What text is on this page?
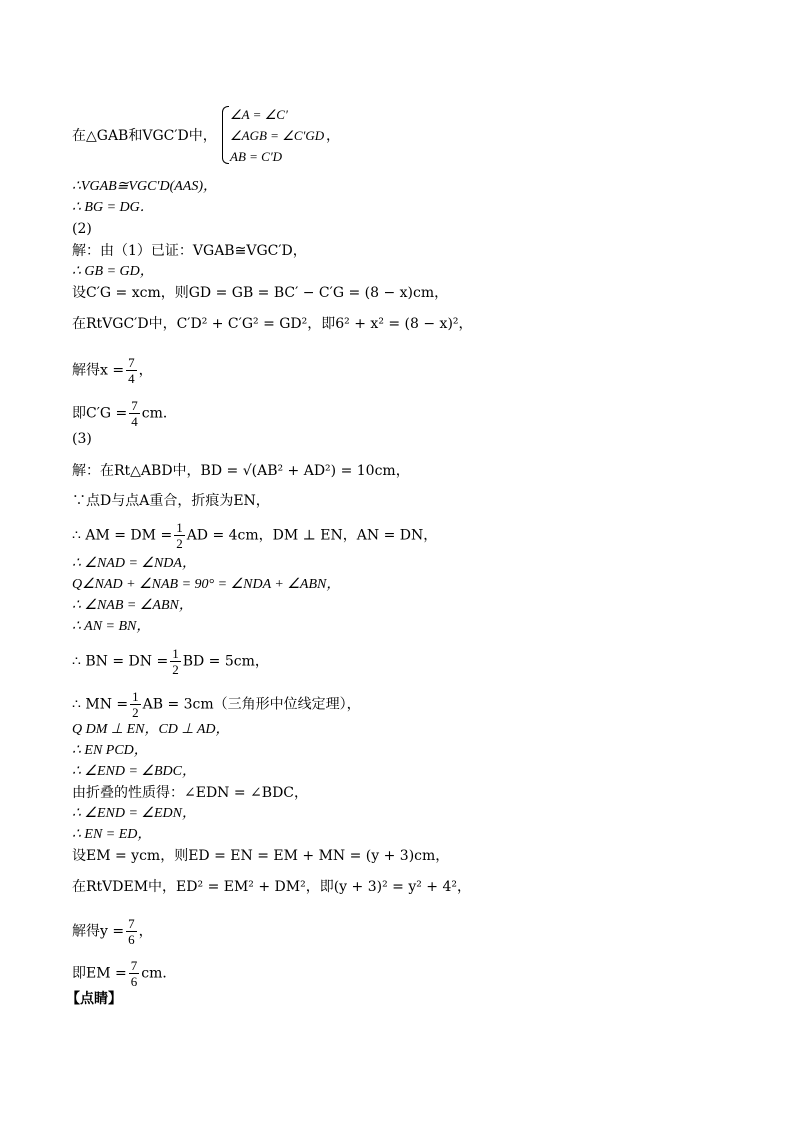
在△GAB和VGC′D中，
∠A = ∠C′
∠AGB = ∠C′GD
AB = C′D
，
∴VGAB≅VGC′D(AAS)，
∴ BG = DG．
(2)
解：由（1）已证：VGAB≅VGC′D，
∴ GB = GD，
设C′G = xcm，则GD = GB = BC′ − C′G = (8 − x)cm，
在RtVGC′D中，C′D² + C′G² = GD²，即6² + x² = (8 − x)²，
解得$x = \frac{7}{4}$ ，
即$C'G = \frac{7}{4}$ cm．
(3)
解：在Rt△ABD中，BD = √(AB² + AD²) = 10cm，
∵点D与点A重合，折痕为EN，
∴ AM = DM = $\frac{1}{2}$ AD = 4cm，DM ⊥ EN，AN = DN，
∴ ∠NAD = ∠NDA，
Q∠NAD + ∠NAB = 90° = ∠NDA + ∠ABN，
∴ ∠NAB = ∠ABN，
∴ AN = BN，
∴ BN = DN = $\frac{1}{2}$ BD = 5cm，
∴ MN = $\frac{1}{2}$ AB = 3cm（三角形中位线定理），
Q DM ⊥ EN，CD ⊥ AD，
∴ EN PCD，
∴ ∠END = ∠BDC，
由折叠的性质得：∠EDN = ∠BDC，
∴ ∠END = ∠EDN，
∴ EN = ED，
设EM = ycm，则ED = EN = EM + MN = (y + 3)cm，
在RtVDEM中，ED² = EM² + DM²，即(y + 3)² = y² + 4²，
解得$y = \frac{7}{6}$ ，
即EM = $\frac{7}{6}$ cm．
【点睛】
